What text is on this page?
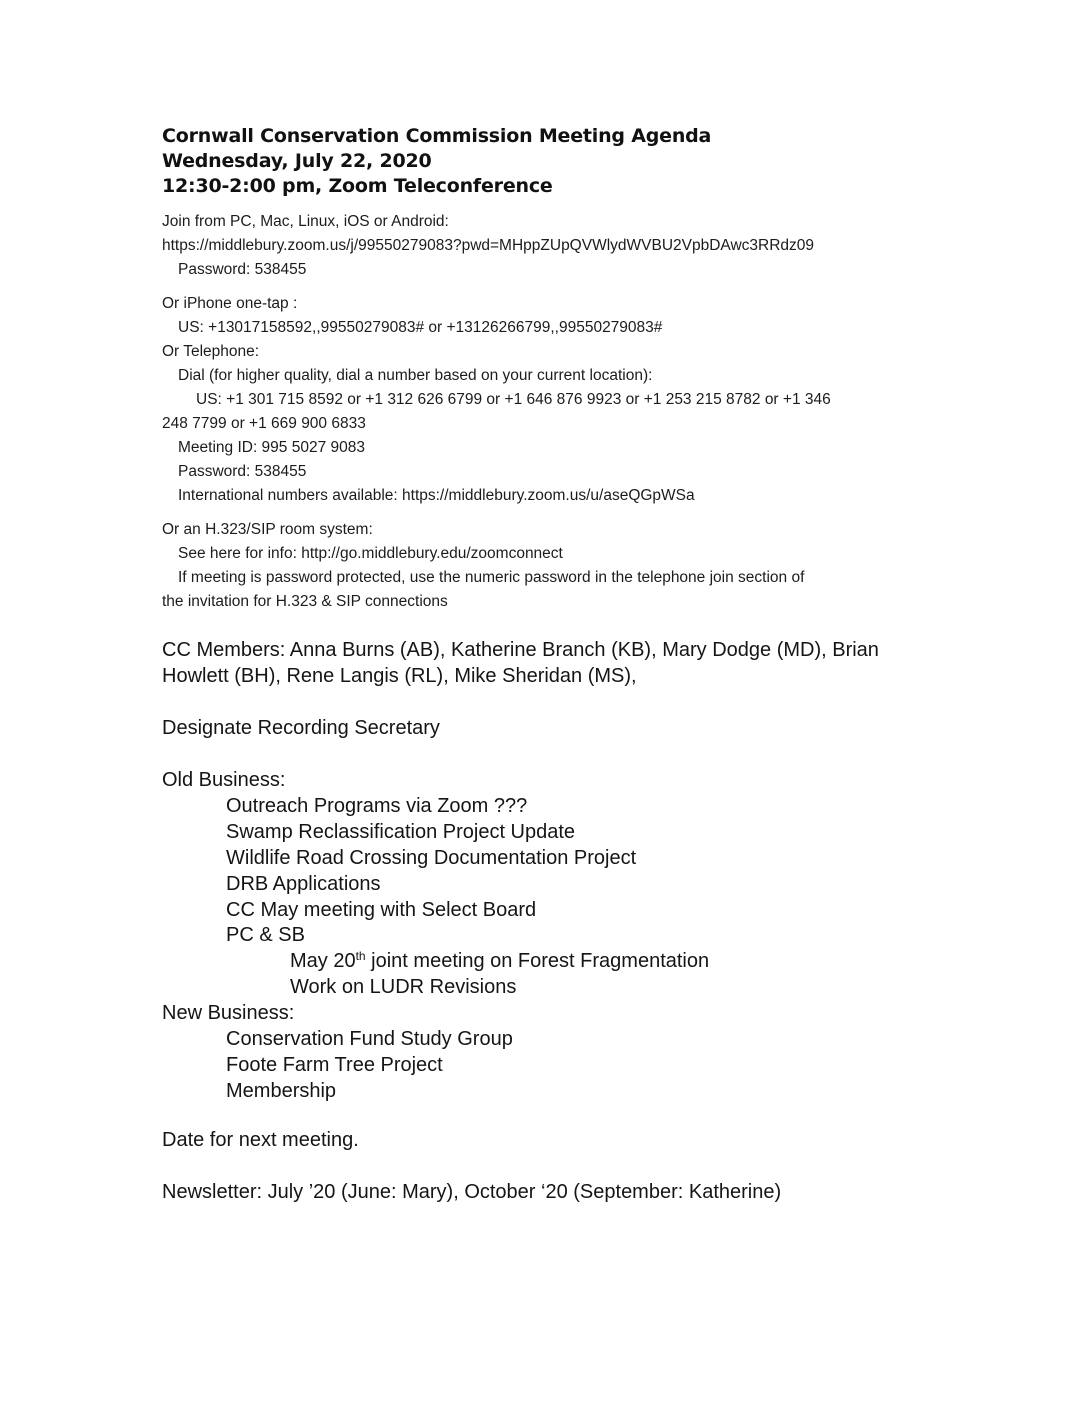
Cornwall Conservation Commission Meeting Agenda
Wednesday, July 22, 2020
12:30-2:00 pm, Zoom Teleconference
Join from PC, Mac, Linux, iOS or Android:
https://middlebury.zoom.us/j/99550279083?pwd=MHppZUpQVWlydWVBU2VpbDAwc3RRdz09
Password: 538455
Or iPhone one-tap :
US: +13017158592,,99550279083# or +13126266799,,99550279083#
Or Telephone:
Dial (for higher quality, dial a number based on your current location):
US: +1 301 715 8592 or +1 312 626 6799 or +1 646 876 9923 or +1 253 215 8782 or +1 346
248 7799 or +1 669 900 6833
Meeting ID: 995 5027 9083
Password: 538455
International numbers available: https://middlebury.zoom.us/u/aseQGpWSa
Or an H.323/SIP room system:
See here for info: http://go.middlebury.edu/zoomconnect
If meeting is password protected, use the numeric password in the telephone join section of
the invitation for H.323 & SIP connections
CC Members: Anna Burns (AB), Katherine Branch (KB), Mary Dodge (MD), Brian
Howlett (BH), Rene Langis (RL), Mike Sheridan (MS),
Designate Recording Secretary
Old Business:
Outreach Programs via Zoom ???
Swamp Reclassification Project Update
Wildlife Road Crossing Documentation Project
DRB Applications
CC May meeting with Select Board
PC & SB
May 20th joint meeting on Forest Fragmentation
Work on LUDR Revisions
New Business:
Conservation Fund Study Group
Foote Farm Tree Project
Membership
Date for next meeting.
Newsletter: July ’20 (June: Mary), October ‘20 (September: Katherine)
